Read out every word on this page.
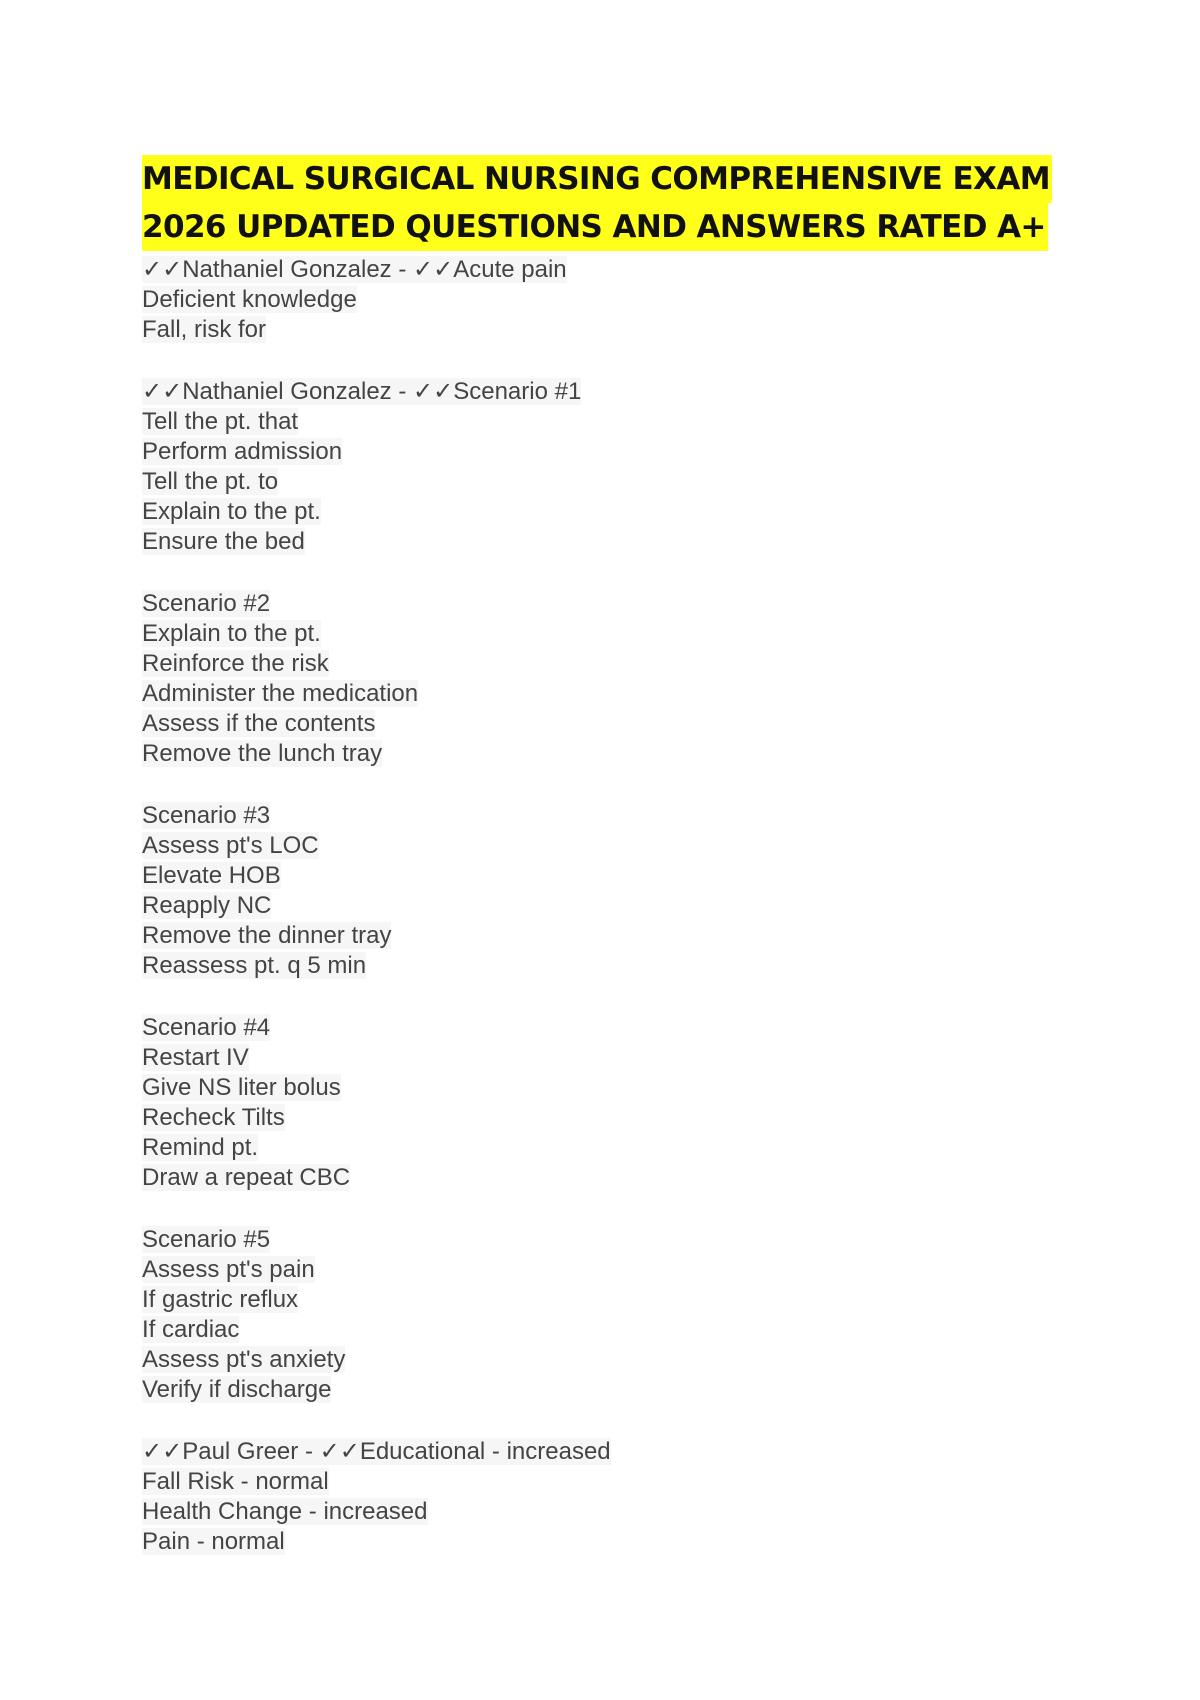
MEDICAL SURGICAL NURSING COMPREHENSIVE EXAM
2026 UPDATED QUESTIONS AND ANSWERS RATED A+
✓✓Nathaniel Gonzalez - ✓✓Acute pain
Deficient knowledge
Fall, risk for
✓✓Nathaniel Gonzalez - ✓✓Scenario #1
Tell the pt. that
Perform admission
Tell the pt. to
Explain to the pt.
Ensure the bed
Scenario #2
Explain to the pt.
Reinforce the risk
Administer the medication
Assess if the contents
Remove the lunch tray
Scenario #3
Assess pt's LOC
Elevate HOB
Reapply NC
Remove the dinner tray
Reassess pt. q 5 min
Scenario #4
Restart IV
Give NS liter bolus
Recheck Tilts
Remind pt.
Draw a repeat CBC
Scenario #5
Assess pt's pain
If gastric reflux
If cardiac
Assess pt's anxiety
Verify if discharge
✓✓Paul Greer - ✓✓Educational - increased
Fall Risk - normal
Health Change - increased
Pain - normal
